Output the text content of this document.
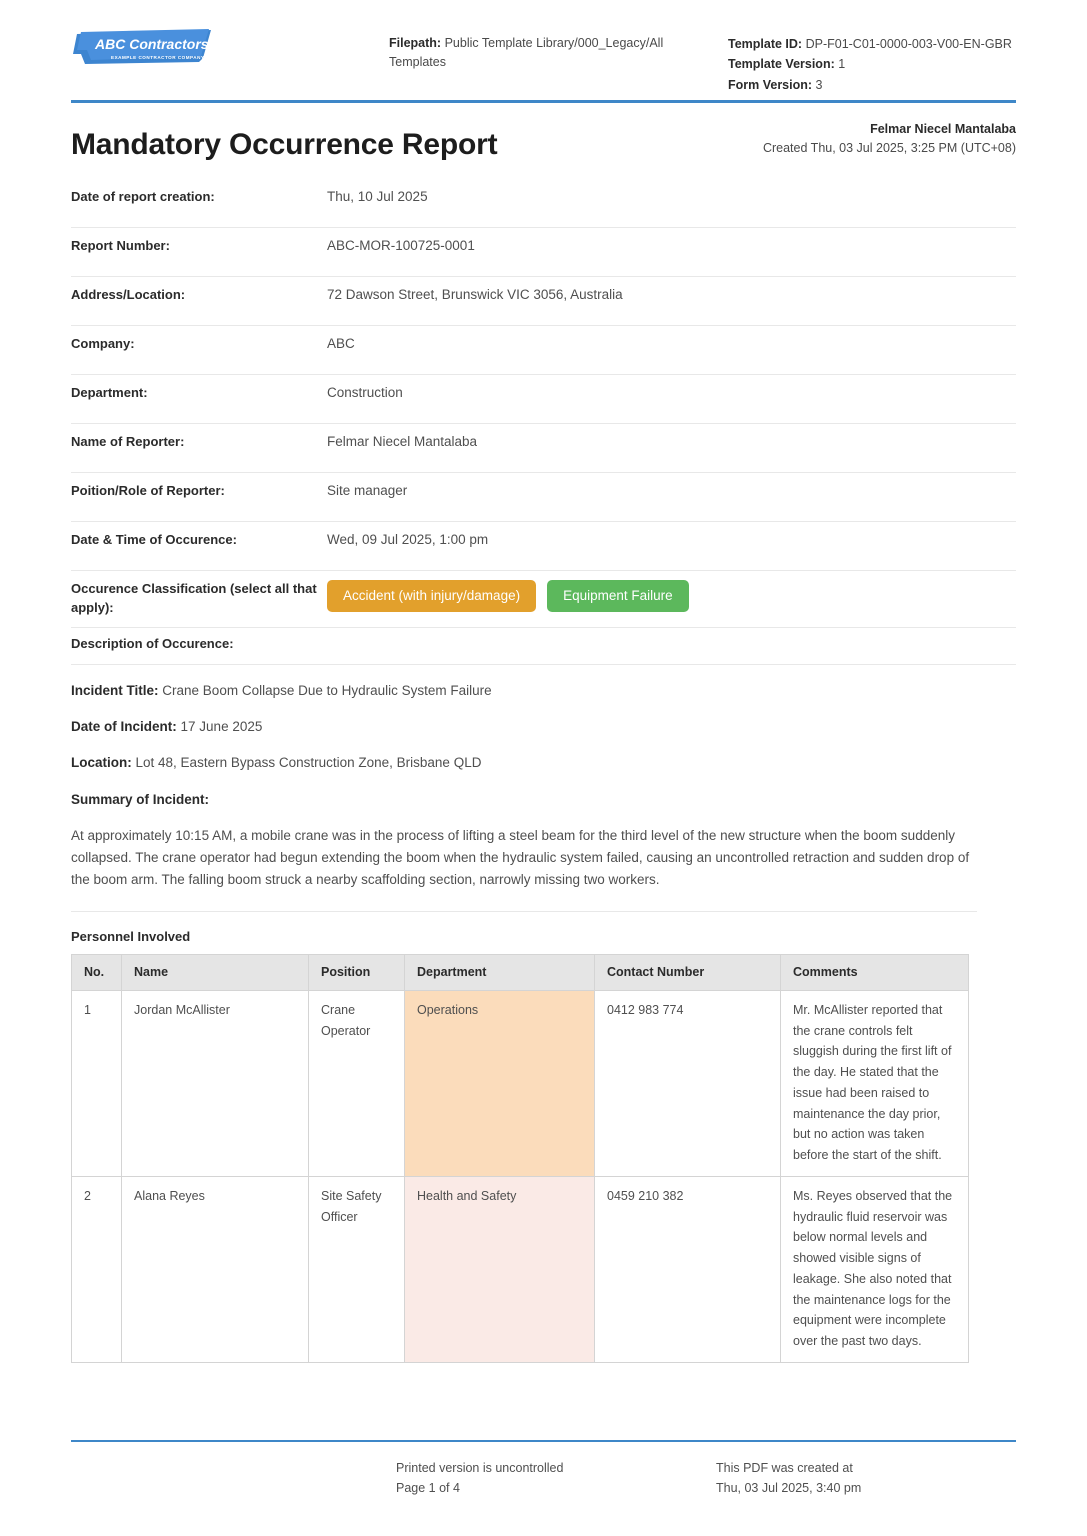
ABC Contractors
EXAMPLE CONTRACTOR COMPANY
Filepath: Public Template Library/000_Legacy/All Templates
Template ID: DP-F01-C01-0000-003-V00-EN-GBR
Template Version: 1
Form Version: 3
Mandatory Occurrence Report	Felmar Niecel Mantalaba
Created Thu, 03 Jul 2025, 3:25 PM (UTC+08)
Date of report creation:	Thu, 10 Jul 2025
Report Number:	ABC-MOR-100725-0001
Address/Location:	72 Dawson Street, Brunswick VIC 3056, Australia
Company:	ABC
Department:	Construction
Name of Reporter:	Felmar Niecel Mantalaba
Poition/Role of Reporter:	Site manager
Date & Time of Occurence:	Wed, 09 Jul 2025, 1:00 pm
Occurence Classification (select all that apply):
Accident (with injury/damage)	Equipment Failure
Description of Occurence:
Incident Title: Crane Boom Collapse Due to Hydraulic System Failure
Date of Incident: 17 June 2025
Location: Lot 48, Eastern Bypass Construction Zone, Brisbane QLD
Summary of Incident:
At approximately 10:15 AM, a mobile crane was in the process of lifting a steel beam for the third level of the new structure when the boom suddenly collapsed. The crane operator had begun extending the boom when the hydraulic system failed, causing an uncontrolled retraction and sudden drop of the boom arm. The falling boom struck a nearby scaffolding section, narrowly missing two workers.
Personnel Involved
No.	Name	Position	Department	Contact Number	Comments
1	Jordan McAllister	Crane Operator	Operations	0412 983 774	Mr. McAllister reported that the crane controls felt sluggish during the first lift of the day. He stated that the issue had been raised to maintenance the day prior, but no action was taken before the start of the shift.
2	Alana Reyes	Site Safety Officer	Health and Safety	0459 210 382	Ms. Reyes observed that the hydraulic fluid reservoir was below normal levels and showed visible signs of leakage. She also noted that the maintenance logs for the equipment were incomplete over the past two days.
Printed version is uncontrolled
Page 1 of 4
This PDF was created at
Thu, 03 Jul 2025, 3:40 pm
